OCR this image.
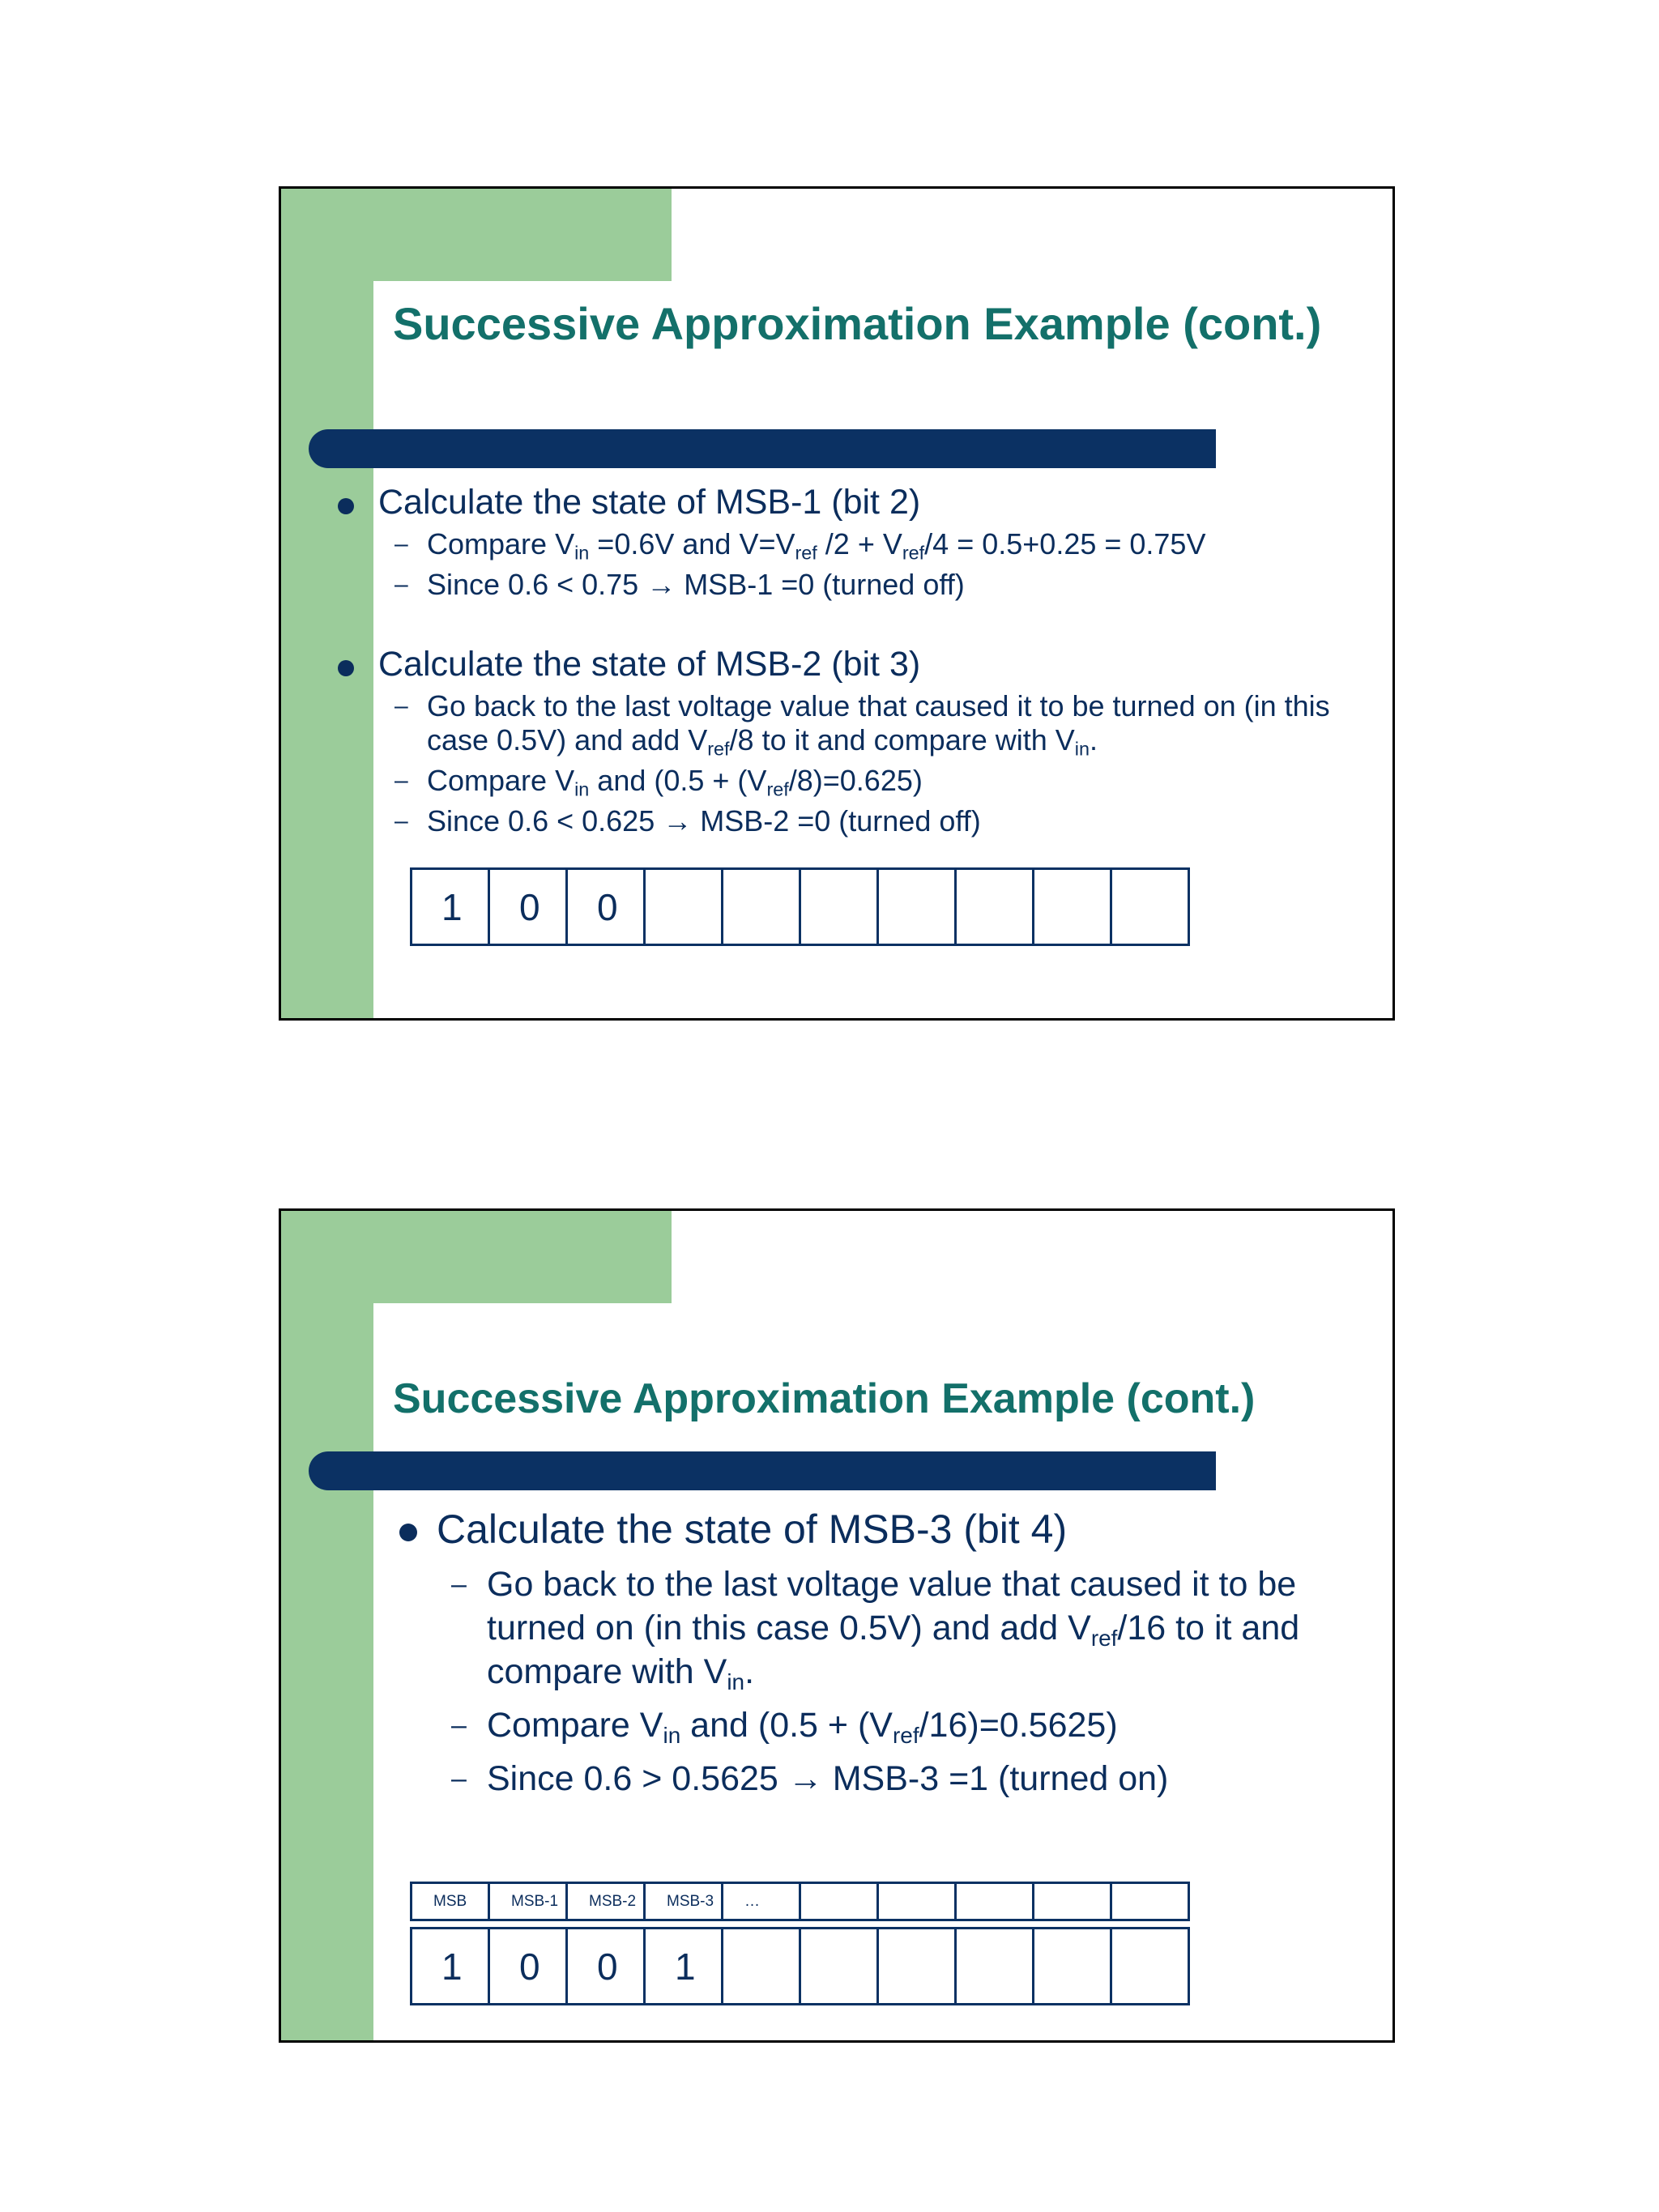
Successive Approximation Example (cont.)
Calculate the state of MSB-1 (bit 2)
– Compare $V_{in} =0.6V$ and $V=V_{ref}$ $/2 + V_{ref}/4 = 0.5+0.25 = 0.75V$
– Since 0.6 < 0.75 → MSB-1 =0 (turned off)
Calculate the state of MSB-2 (bit 3)
– Go back to the last voltage value that caused it to be turned on (in this case 0.5V) and add $V_{ref}/8$ to it and compare with $V_{in}$.
– Compare $V_{in}$ and $(0.5 + (V_{ref}/8)=0.625)$
– Since 0.6 < 0.625 → MSB-2 =0 (turned off)
1	0	0							
Successive Approximation Example (cont.)
Calculate the state of MSB-3 (bit 4)
– Go back to the last voltage value that caused it to be turned on (in this case 0.5V) and add $V_{ref}/16$ to it and compare with $V_{in}$.
– Compare $V_{in}$ and $(0.5 + (V_{ref}/16)=0.5625)$
– Since 0.6 > 0.5625 → MSB-3 =1 (turned on)
MSB	MSB-1	MSB-2	MSB-3	…					
1	0	0	1						
